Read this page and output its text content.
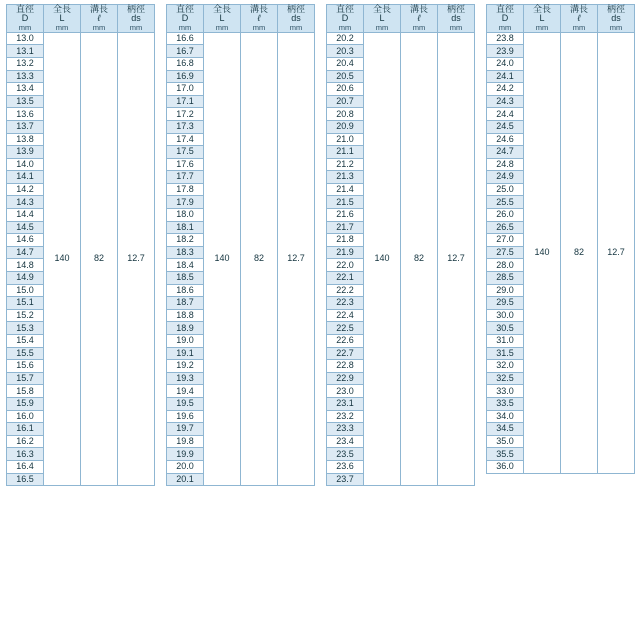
直徑
D
mm	全長
L
mm	溝長
ℓ
mm	柄徑
ds
mm

13.0	140	82	12.7
13.1			
13.2			
13.3			
13.4			
13.5			
13.6			
13.7			
13.8			
13.9			
14.0			
14.1			
14.2			
14.3			
14.4			
14.5			
14.6			
14.7			
14.8			
14.9			
15.0			
15.1			
15.2			
15.3			
15.4			
15.5			
15.6			
15.7			
15.8			
15.9			
16.0			
16.1			
16.2			
16.3			
16.4			
16.5			
直徑
D
mm	全長
L
mm	溝長
ℓ
mm	柄徑
ds
mm

16.6	140	82	12.7
16.7			
16.8			
16.9			
17.0			
17.1			
17.2			
17.3			
17.4			
17.5			
17.6			
17.7			
17.8			
17.9			
18.0			
18.1			
18.2			
18.3			
18.4			
18.5			
18.6			
18.7			
18.8			
18.9			
19.0			
19.1			
19.2			
19.3			
19.4			
19.5			
19.6			
19.7			
19.8			
19.9			
20.0			
20.1			
直徑
D
mm	全長
L
mm	溝長
ℓ
mm	柄徑
ds
mm

20.2	140	82	12.7
20.3			
20.4			
20.5			
20.6			
20.7			
20.8			
20.9			
21.0			
21.1			
21.2			
21.3			
21.4			
21.5			
21.6			
21.7			
21.8			
21.9			
22.0			
22.1			
22.2			
22.3			
22.4			
22.5			
22.6			
22.7			
22.8			
22.9			
23.0			
23.1			
23.2			
23.3			
23.4			
23.5			
23.6			
23.7			
直徑
D
mm	全長
L
mm	溝長
ℓ
mm	柄徑
ds
mm

23.8	140	82	12.7
23.9			
24.0			
24.1			
24.2			
24.3			
24.4			
24.5			
24.6			
24.7			
24.8			
24.9			
25.0			
25.5			
26.0			
26.5			
27.0			
27.5			
28.0			
28.5			
29.0			
29.5			
30.0			
30.5			
31.0			
31.5			
32.0			
32.5			
33.0			
33.5			
34.0			
34.5			
35.0			
35.5			
36.0			
